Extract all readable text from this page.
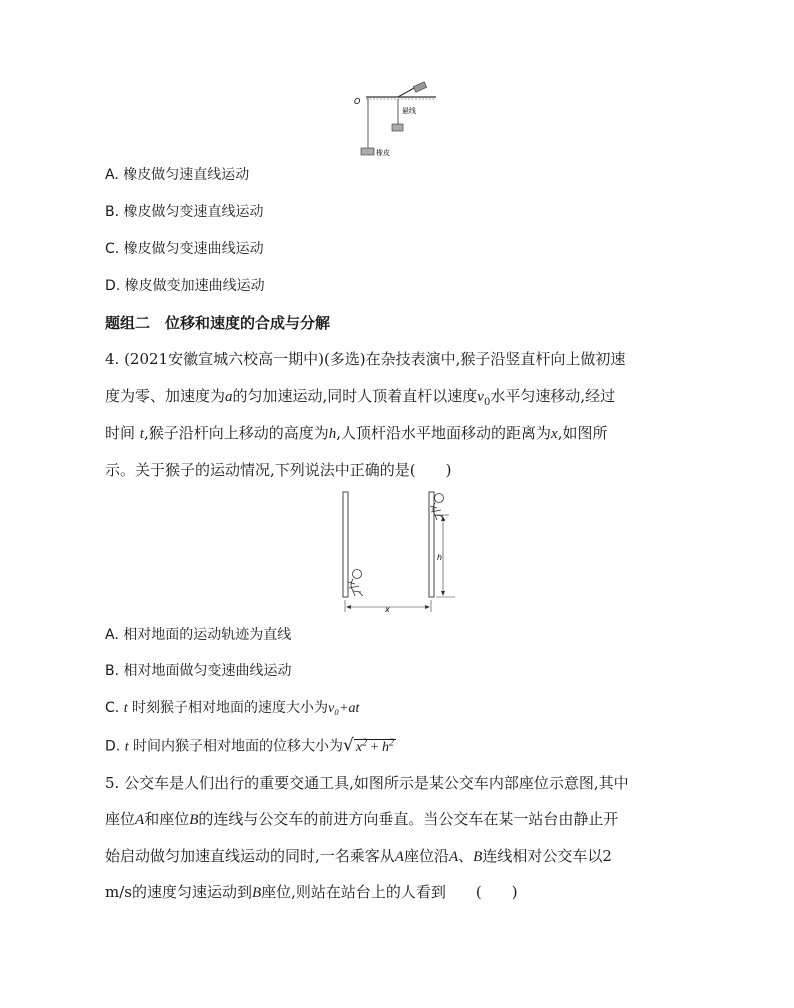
O
橡皮
悬线
A. 橡皮做匀速直线运动
B. 橡皮做匀变速直线运动
C. 橡皮做匀变速曲线运动
D. 橡皮做变加速曲线运动
题组二　位移和速度的合成与分解
4. (2021安徽宣城六校高一期中)(多选)在杂技表演中,猴子沿竖直杆向上做初速
度为零、加速度为a的匀加速运动,同时人顶着直杆以速度$v_0$水平匀速移动,经过
时间 t,猴子沿杆向上移动的高度为h,人顶杆沿水平地面移动的距离为x,如图所
示。关于猴子的运动情况,下列说法中正确的是(　　)
h
x
A. 相对地面的运动轨迹为直线
B. 相对地面做匀变速曲线运动
C. t 时刻猴子相对地面的速度大小为v₀+at
D. t 时间内猴子相对地面的位移大小为√ $x^2 + h^2$
5. 公交车是人们出行的重要交通工具,如图所示是某公交车内部座位示意图,其中
座位A和座位B的连线与公交车的前进方向垂直。当公交车在某一站台由静止开
始启动做匀加速直线运动的同时,一名乘客从A座位沿A、B连线相对公交车以2
m/s的速度匀速运动到B座位,则站在站台上的人看到　　(　　)
